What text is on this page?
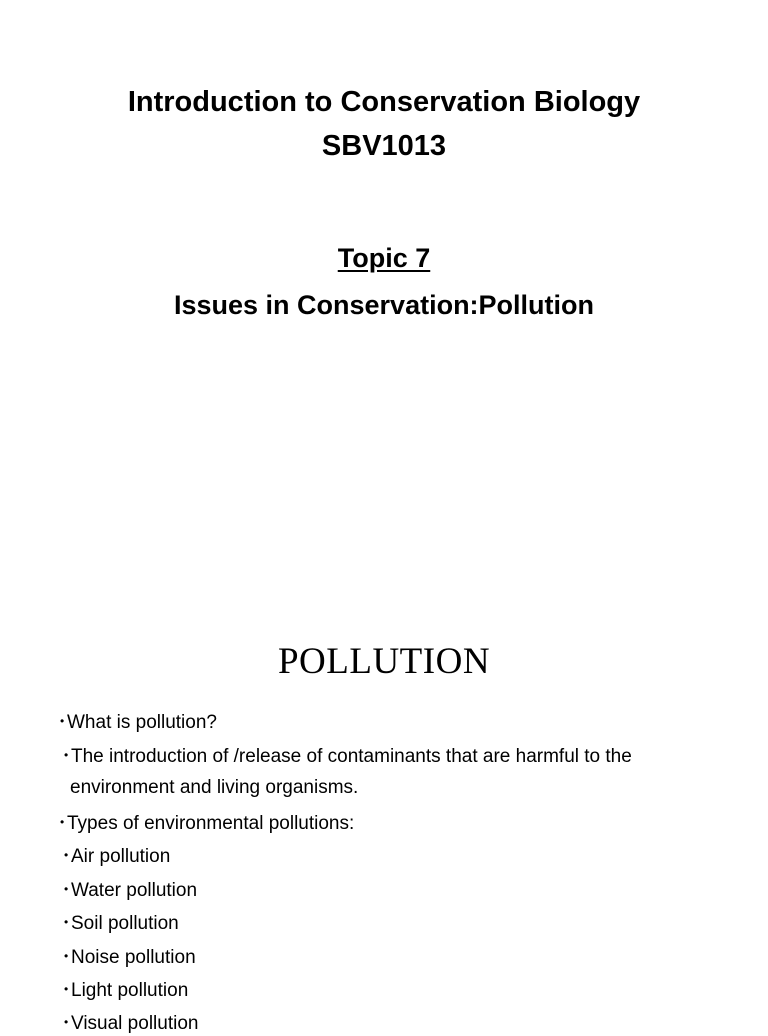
Introduction to Conservation Biology
SBV1013
Topic 7
Issues in Conservation:Pollution
POLLUTION
• What is pollution?
• The introduction of /release of contaminants that are harmful to the
environment and living organisms.
• Types of environmental pollutions:
• Air pollution
• Water pollution
• Soil pollution
• Noise pollution
• Light pollution
• Visual pollution
